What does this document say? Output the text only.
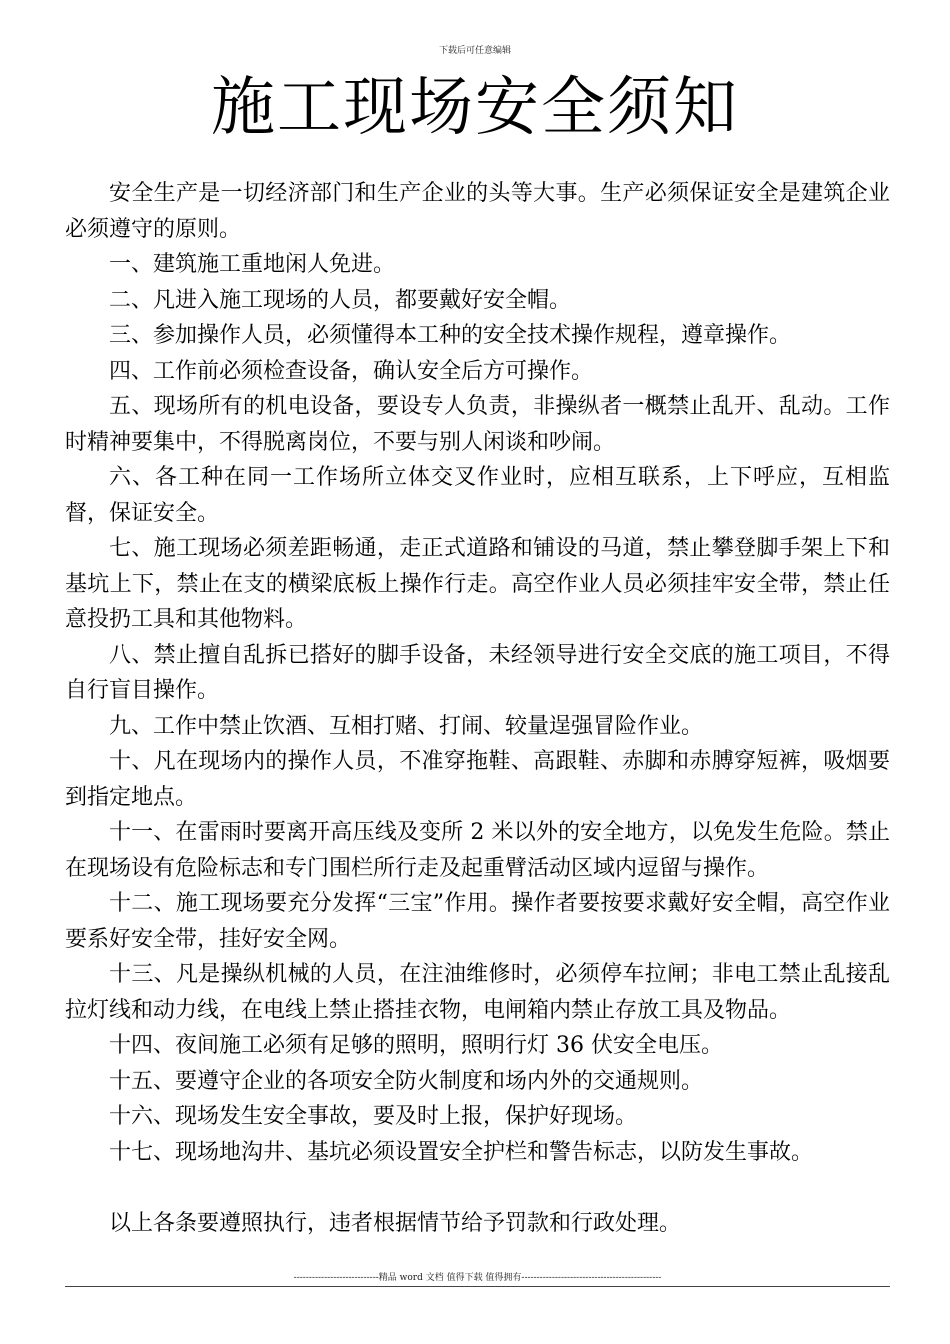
下载后可任意编辑
施工现场安全须知

安全生产是一切经济部门和生产企业的头等大事。生产必须保证安全是建筑企业必须遵守的原则。

一、建筑施工重地闲人免进。

二、凡进入施工现场的人员，都要戴好安全帽。

三、参加操作人员，必须懂得本工种的安全技术操作规程，遵章操作。

四、工作前必须检查设备，确认安全后方可操作。

五、现场所有的机电设备，要设专人负责，非操纵者一概禁止乱开、乱动。工作时精神要集中，不得脱离岗位，不要与别人闲谈和吵闹。

六、各工种在同一工作场所立体交叉作业时，应相互联系，上下呼应，互相监督，保证安全。

七、施工现场必须差距畅通，走正式道路和铺设的马道，禁止攀登脚手架上下和基坑上下，禁止在支的横梁底板上操作行走。高空作业人员必须挂牢安全带，禁止任意投扔工具和其他物料。

八、禁止擅自乱拆已搭好的脚手设备，未经领导进行安全交底的施工项目，不得自行盲目操作。

九、工作中禁止饮酒、互相打赌、打闹、较量逞强冒险作业。

十、凡在现场内的操作人员，不准穿拖鞋、高跟鞋、赤脚和赤膊穿短裤，吸烟要到指定地点。

十一、在雷雨时要离开高压线及变所 2 米以外的安全地方，以免发生危险。禁止在现场设有危险标志和专门围栏所行走及起重臂活动区域内逗留与操作。

十二、施工现场要充分发挥“三宝”作用。操作者要按要求戴好安全帽，高空作业要系好安全带，挂好安全网。

十三、凡是操纵机械的人员，在注油维修时，必须停车拉闸；非电工禁止乱接乱拉灯线和动力线，在电线上禁止搭挂衣物，电闸箱内禁止存放工具及物品。

十四、夜间施工必须有足够的照明，照明行灯 36 伏安全电压。

十五、要遵守企业的各项安全防火制度和场内外的交通规则。

十六、现场发生安全事故，要及时上报，保护好现场。

十七、现场地沟井、基坑必须设置安全护栏和警告标志，以防发生事故。

以上各条要遵照执行，违者根据情节给予罚款和行政处理。

----------------------------精品 word 文档 值得下载 值得拥有----------------------------------------------
